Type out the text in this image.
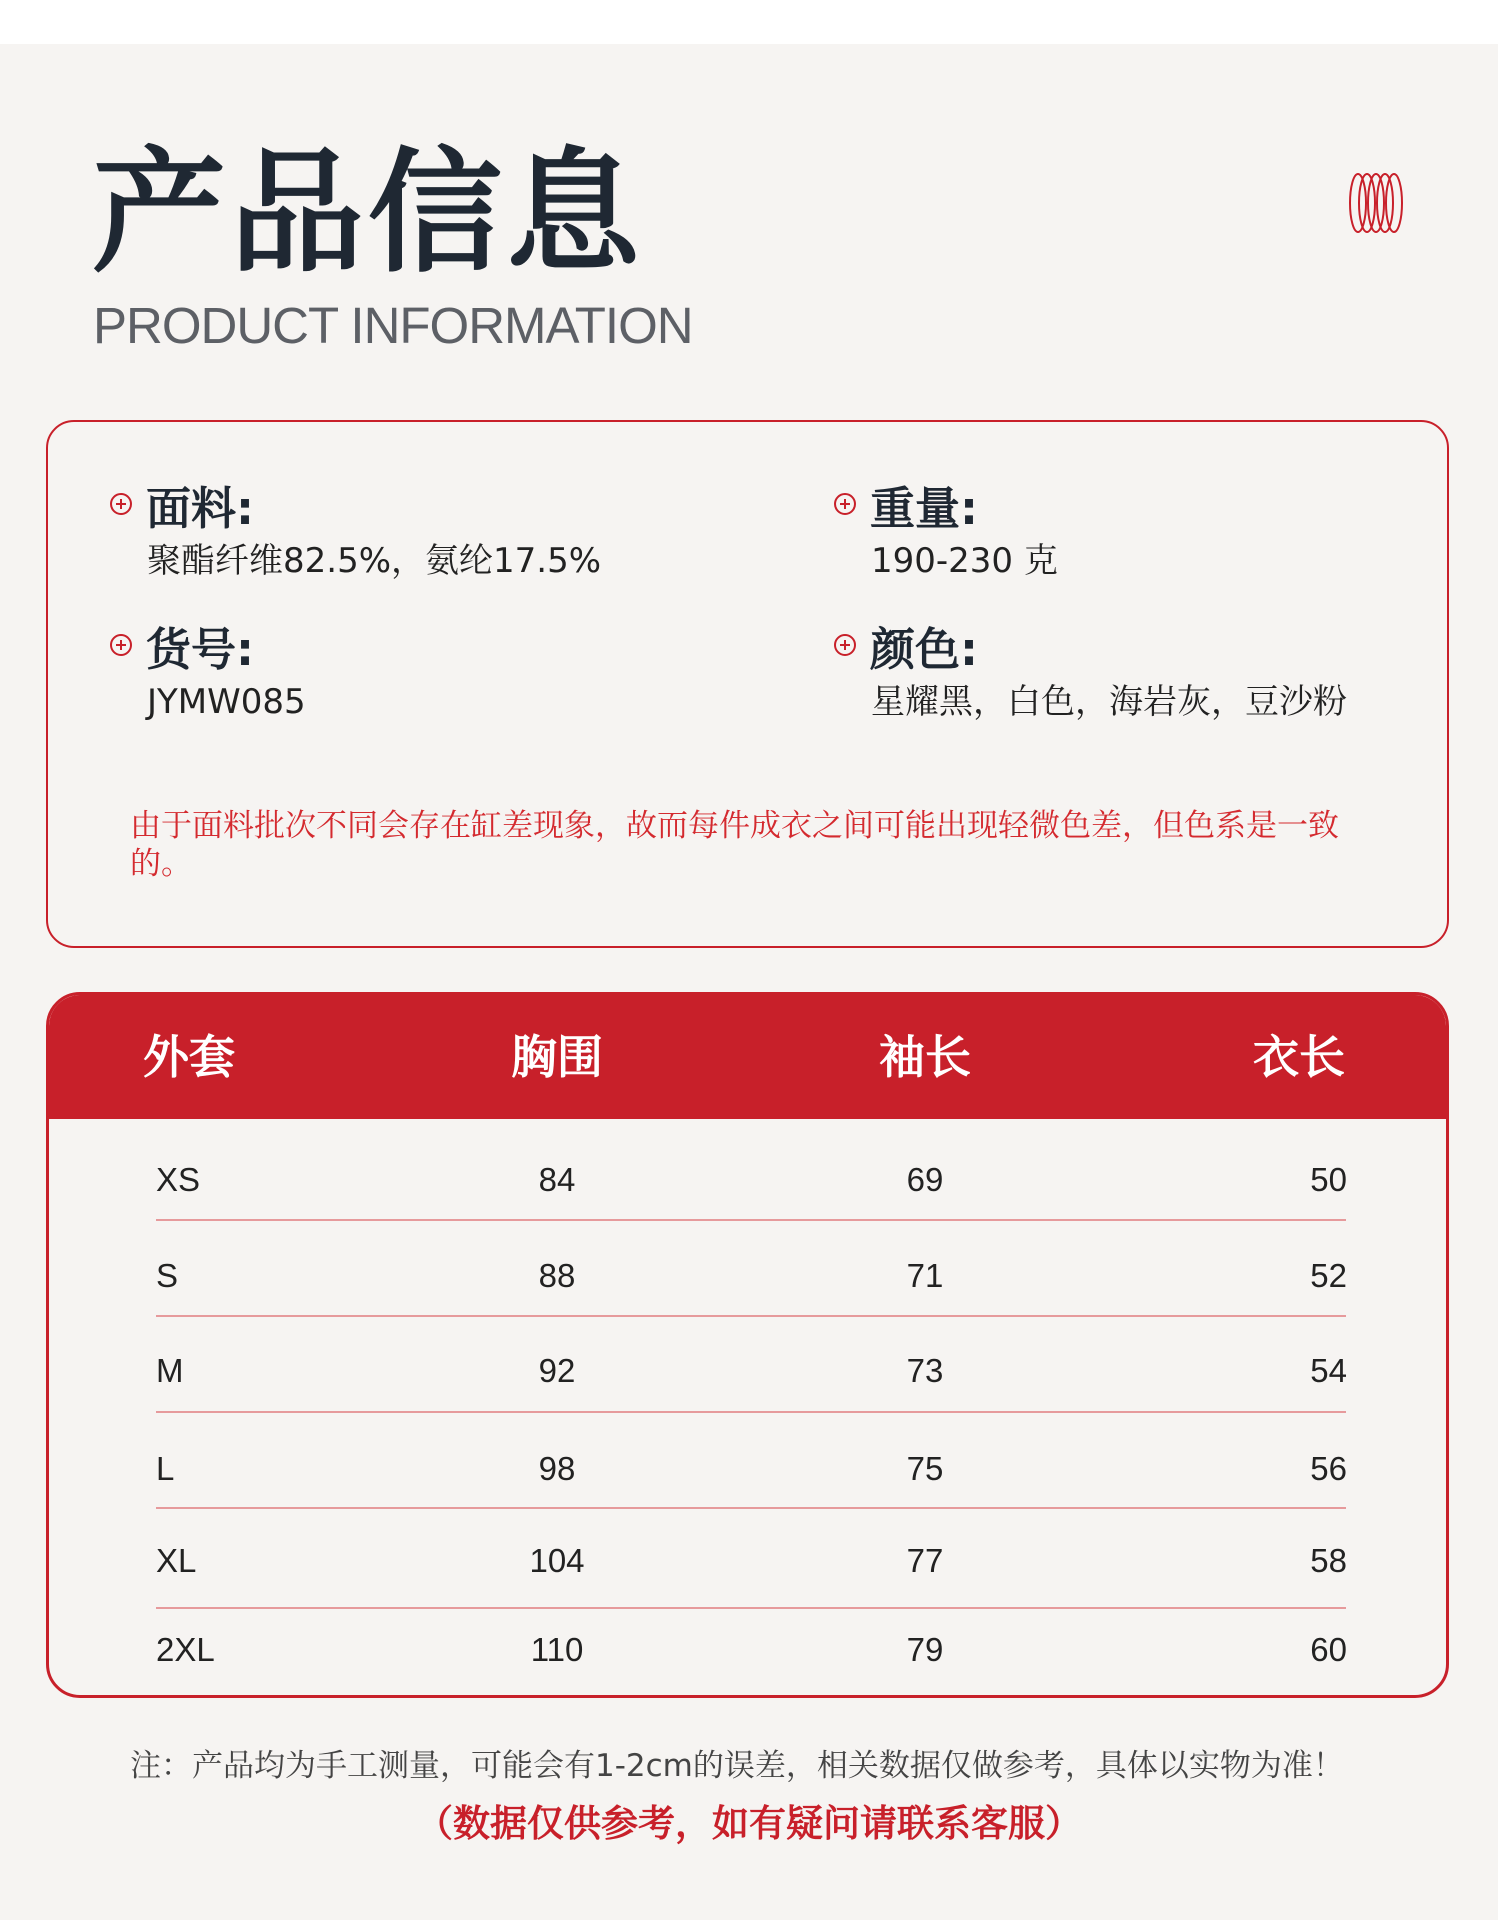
产品信息
PRODUCT INFORMATION
面料:
聚酯纤维82.5%，氨纶17.5%
重量:
190-230 克
货号:
JYMW085
颜色:
星耀黑，白色，海岩灰，豆沙粉
由于面料批次不同会存在缸差现象，故而每件成衣之间可能出现轻微色差，但色系是一致的。
外套	胸围	袖长	衣长
XS	84	69	50
S	88	71	52
M	92	73	54
L	98	75	56
XL	104	77	58
2XL	110	79	60
注：产品均为手工测量，可能会有1-2cm的误差，相关数据仅做参考，具体以实物为准！
（数据仅供参考，如有疑问请联系客服）
